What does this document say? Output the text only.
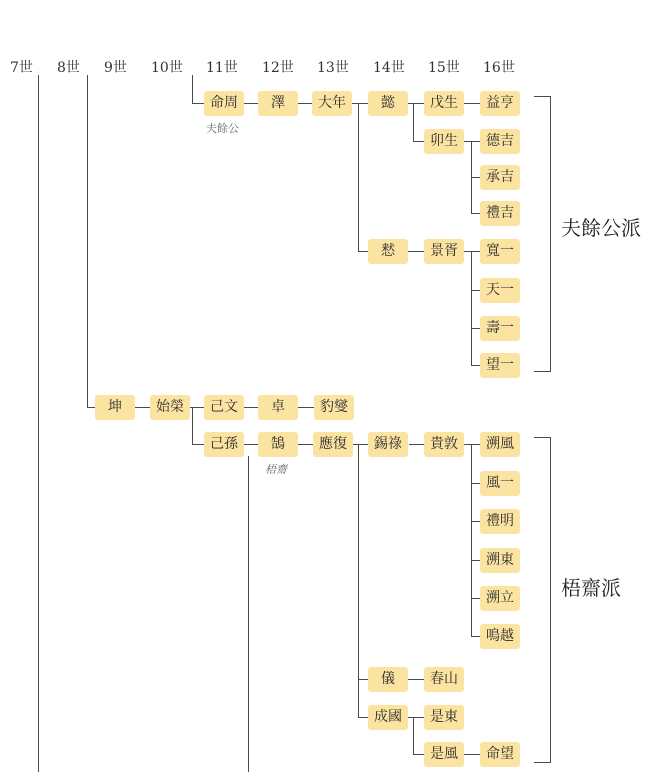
7世 8世 9世 10世 11世 12世 13世 14世 15世 16世
命周
夫餘公
澤	大年	懿	戊生	益亨
卯生	德吉
承吉
禮吉
慭	景胥	寬一
天一
壽一
望一
夫餘公派
坤	始榮	己文	卓	豹燮
己孫	鵠
梧齋
應復	錫祿	貴敦	溯風
風一
禮明
溯東
溯立
鳴越
儀	春山
成國	是東
是風	命望
梧齋派
